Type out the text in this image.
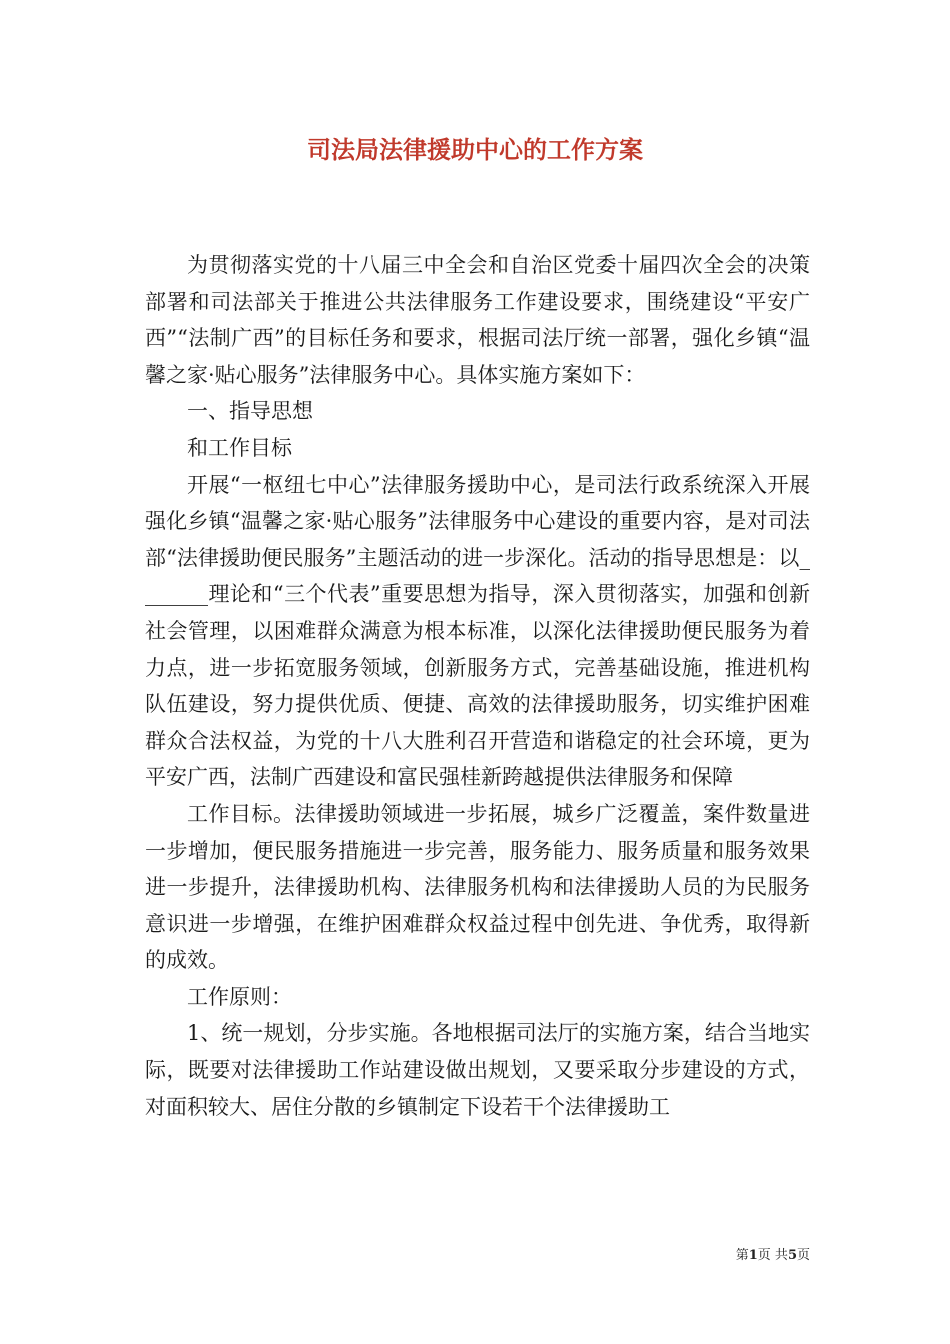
司法局法律援助中心的工作方案

为贯彻落实党的十八届三中全会和自治区党委十届四次全会的决策部署和司法部关于推进公共法律服务工作建设要求，围绕建设“平安广西”“法制广西”的目标任务和要求，根据司法厅统一部署，强化乡镇“温馨之家·贴心服务”法律服务中心。具体实施方案如下：

一、指导思想

和工作目标

开展“一枢纽七中心”法律服务援助中心，是司法行政系统深入开展强化乡镇“温馨之家·贴心服务”法律服务中心建设的重要内容，是对司法部“法律援助便民服务”主题活动的进一步深化。活动的指导思想是：以_______理论和“三个代表”重要思想为指导，深入贯彻落实，加强和创新社会管理，以困难群众满意为根本标准，以深化法律援助便民服务为着力点，进一步拓宽服务领域，创新服务方式，完善基础设施，推进机构队伍建设，努力提供优质、便捷、高效的法律援助服务，切实维护困难群众合法权益，为党的十八大胜利召开营造和谐稳定的社会环境，更为平安广西，法制广西建设和富民强桂新跨越提供法律服务和保障

工作目标。法律援助领域进一步拓展，城乡广泛覆盖，案件数量进一步增加，便民服务措施进一步完善，服务能力、服务质量和服务效果进一步提升，法律援助机构、法律服务机构和法律援助人员的为民服务意识进一步增强，在维护困难群众权益过程中创先进、争优秀，取得新的成效。

工作原则：

1、统一规划，分步实施。各地根据司法厅的实施方案，结合当地实际，既要对法律援助工作站建设做出规划，又要采取分步建设的方式，对面积较大、居住分散的乡镇制定下设若干个法律援助工

第1页 共5页
